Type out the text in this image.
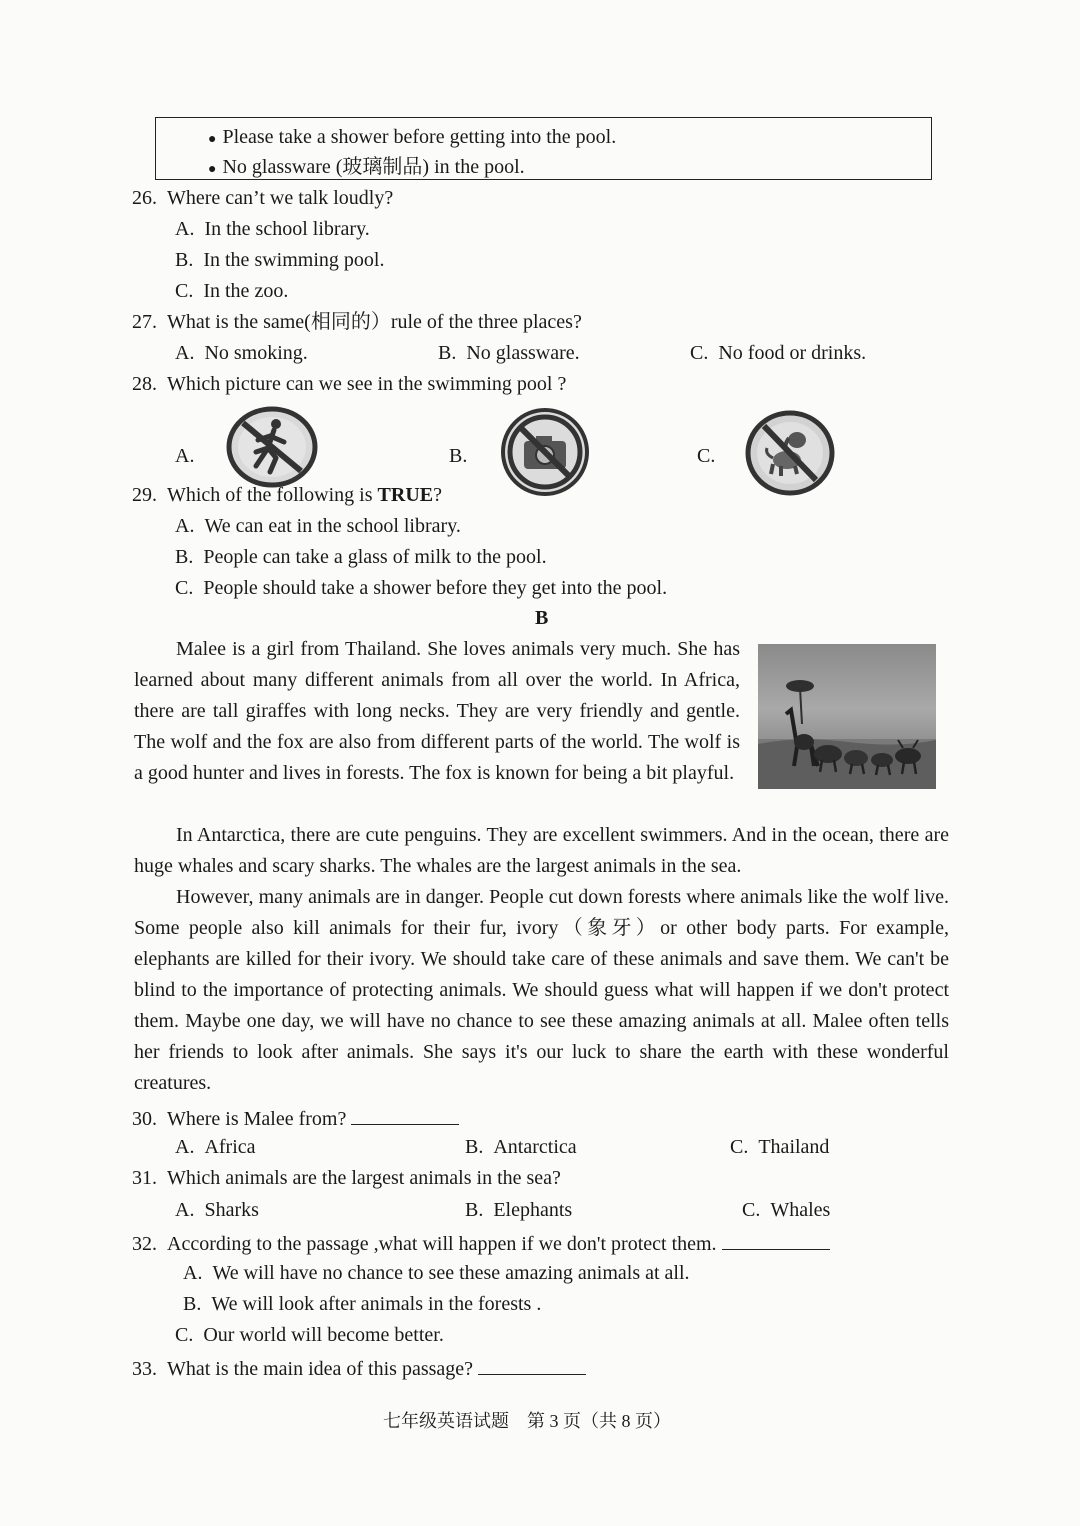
● Please take a shower before getting into the pool.
● No glassware (玻璃制品) in the pool.
26. Where can’t we talk loudly?
A. In the school library.
B. In the swimming pool.
C. In the zoo.
27. What is the same(相同的）rule of the three places?
A. No smoking.	B. No glassware.	C. No food or drinks.
28. Which picture can we see in the swimming pool ?
A.	B.	C.
29. Which of the following is TRUE?
A. We can eat in the school library.
B. People can take a glass of milk to the pool.
C. People should take a shower before they get into the pool.
B

Malee is a girl from Thailand. She loves animals very much. She has learned about many different animals from all over the world. In Africa, there are tall giraffes with long necks. They are very friendly and gentle. The wolf and the fox are also from different parts of the world. The wolf is a good hunter and lives in forests. The fox is known for being a bit playful.

In Antarctica, there are cute penguins. They are excellent swimmers. And in the ocean, there are huge whales and scary sharks. The whales are the largest animals in the sea.

However, many animals are in danger. People cut down forests where animals like the wolf live. Some people also kill animals for their fur, ivory（象牙）or other body parts. For example, elephants are killed for their ivory. We should take care of these animals and save them. We can't be blind to the importance of protecting animals. We should guess what will happen if we don't protect them. Maybe one day, we will have no chance to see these amazing animals at all. Malee often tells her friends to look after animals. She says it's our luck to share the earth with these wonderful creatures.

30. Where is Malee from?
A. Africa	B. Antarctica	C. Thailand
31. Which animals are the largest animals in the sea?
A. Sharks	B. Elephants	C. Whales
32. According to the passage ,what will happen if we don't protect them.
A. We will have no chance to see these amazing animals at all.
B. We will look after animals in the forests .
C. Our world will become better.
33. What is the main idea of this passage?
七年级英语试题　第 3 页（共 8 页）
